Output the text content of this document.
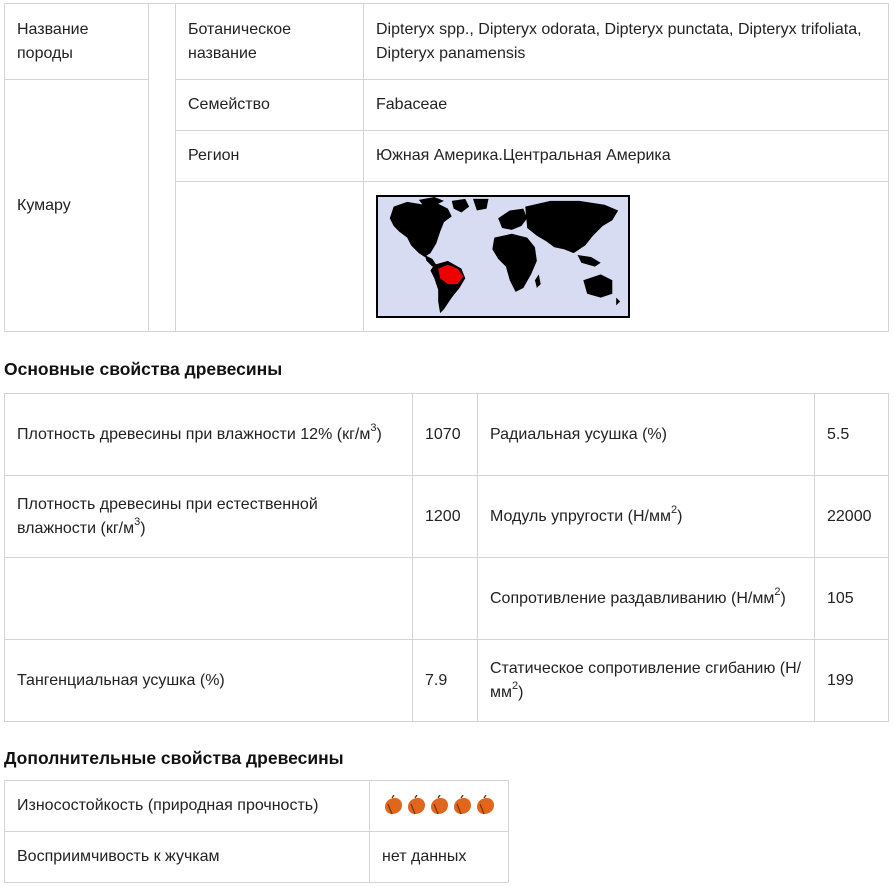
Название породы		Ботаническое название	Dipteryx spp., Dipteryx odorata, Dipteryx punctata, Dipteryx trifoliata, Dipteryx panamensis
Кумару		Семейство	Fabaceae
		Регион	Южная Америка.Центральная Америка

Основные свойства древесины
Плотность древесины при влажности 12% $(кг/м^3)$	1070	Радиальная усушка (%)	5.5
Плотность древесины при естественной влажности $(кг/м^3)$	1200	Модуль упругости $(Н/мм^2)$	22000
		Сопротивление раздавливанию $(Н/мм^2)$	105
Тангенциальная усушка (%)	7.9	Статическое сопротивление сгибанию $(Н/мм^2)$	199
Дополнительные свойства древесины
Износостойкость (природная прочность)	

Восприимчивость к жучкам	нет данных
